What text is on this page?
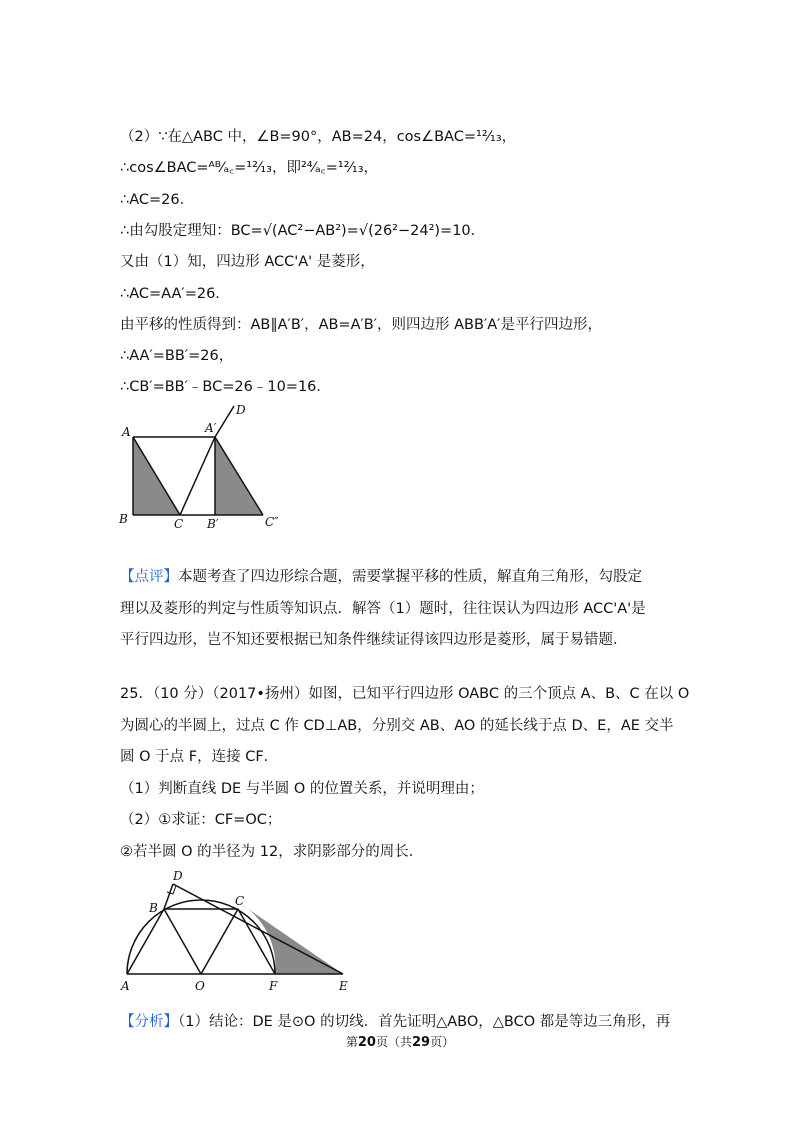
（2）∵在△ABC 中，∠B=90°，AB=24，cos∠BAC=¹²⁄₁₃，
∴cos∠BAC=ᴬᴮ⁄ₐ꜀=¹²⁄₁₃，即²⁴⁄ₐ꜀=¹²⁄₁₃，
∴AC=26．
∴由勾股定理知：BC=√(AC²−AB²)=√(26²−24²)=10．
又由（1）知，四边形 ACC'A' 是菱形，
∴AC=AA′=26．
由平移的性质得到：AB∥A′B′，AB=A′B′，则四边形 ABB′A′是平行四边形，
∴AA′=BB′=26，
∴CB′=BB′﹣BC=26﹣10=16．
A	A′
D
B	C B′	C″
【点评】本题考查了四边形综合题，需要掌握平移的性质，解直角三角形，勾股定
理以及菱形的判定与性质等知识点．解答（1）题时，往往误认为四边形 ACC'A'是
平行四边形，岂不知还要根据已知条件继续证得该四边形是菱形，属于易错题．
25．（10 分）（2017•扬州）如图，已知平行四边形 OABC 的三个顶点 A、B、C 在以 O
为圆心的半圆上，过点 C 作 CD⊥AB，分别交 AB、AO 的延长线于点 D、E，AE 交半
圆 O 于点 F，连接 CF．
（1）判断直线 DE 与半圆 O 的位置关系，并说明理由；
（2）①求证：CF=OC；
②若半圆 O 的半径为 12，求阴影部分的周长．
D
B	C
A	O	F	E
【分析】（1）结论：DE 是⊙O 的切线．首先证明△ABO，△BCO 都是等边三角形，再
第20页（共29页）
